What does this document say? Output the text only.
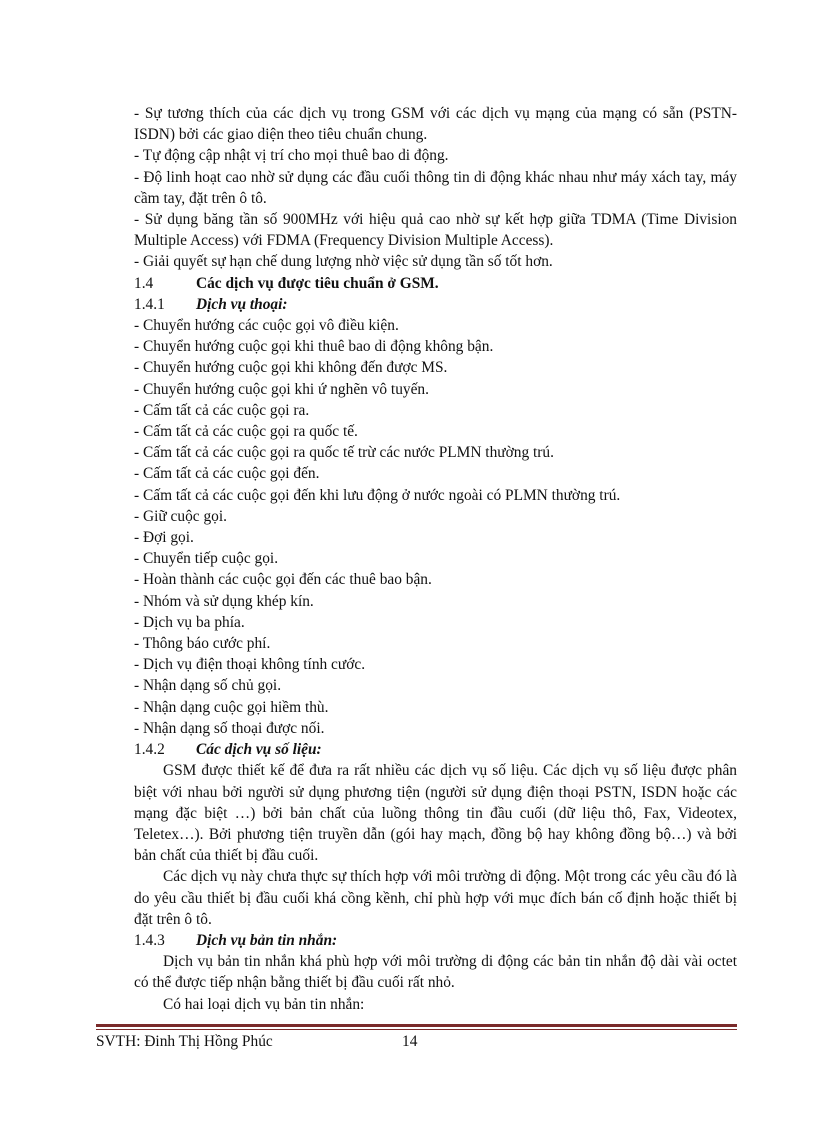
- Sự tương thích của các dịch vụ trong GSM với các dịch vụ mạng của mạng có sẵn (PSTN- ISDN) bởi các giao diện theo tiêu chuẩn chung.

- Tự động cập nhật vị trí cho mọi thuê bao di động.

- Độ linh hoạt cao nhờ sử dụng các đầu cuối thông tin di động khác nhau như máy xách tay, máy cầm tay, đặt trên ô tô.

- Sử dụng băng tần số 900MHz với hiệu quả cao nhờ sự kết hợp giữa TDMA (Time Division Multiple Access) với FDMA (Frequency Division Multiple Access).

- Giải quyết sự hạn chế dung lượng nhờ việc sử dụng tần số tốt hơn.

1.4	Các dịch vụ được tiêu chuẩn ở GSM.
1.4.1	Dịch vụ thoại:

- Chuyển hướng các cuộc gọi vô điều kiện.

- Chuyển hướng cuộc gọi khi thuê bao di động không bận.

- Chuyển hướng cuộc gọi khi không đến được MS.

- Chuyển hướng cuộc gọi khi ứ nghẽn vô tuyến.

- Cấm tất cả các cuộc gọi ra.

- Cấm tất cả các cuộc gọi ra quốc tế.

- Cấm tất cả các cuộc gọi ra quốc tế trừ các nước PLMN thường trú.

- Cấm tất cả các cuộc gọi đến.

- Cấm tất cả các cuộc gọi đến khi lưu động ở nước ngoài có PLMN thường trú.

- Giữ cuộc gọi.

- Đợi gọi.

- Chuyển tiếp cuộc gọi.

- Hoàn thành các cuộc gọi đến các thuê bao bận.

- Nhóm và sử dụng khép kín.

- Dịch vụ ba phía.

- Thông báo cước phí.

- Dịch vụ điện thoại không tính cước.

- Nhận dạng số chủ gọi.

- Nhận dạng cuộc gọi hiềm thù.

- Nhận dạng số thoại được nối.

1.4.2	Các dịch vụ số liệu:

GSM được thiết kế để đưa ra rất nhiều các dịch vụ số liệu. Các dịch vụ số liệu được phân biệt với nhau bởi người sử dụng phương tiện (người sử dụng điện thoại PSTN, ISDN hoặc các mạng đặc biệt …) bởi bản chất của luồng thông tin đầu cuối (dữ liệu thô, Fax, Videotex, Teletex…). Bởi phương tiện truyền dẫn (gói hay mạch, đồng bộ hay không đồng bộ…) và bởi bản chất của thiết bị đầu cuối.

Các dịch vụ này chưa thực sự thích hợp với môi trường di động. Một trong các yêu cầu đó là do yêu cầu thiết bị đầu cuối khá cồng kềnh, chỉ phù hợp với mục đích bán cố định hoặc thiết bị đặt trên ô tô.

1.4.3	Dịch vụ bản tin nhắn:

Dịch vụ bản tin nhắn khá phù hợp với môi trường di động các bản tin nhắn độ dài vài octet có thể được tiếp nhận bằng thiết bị đầu cuối rất nhỏ.

Có hai loại dịch vụ bản tin nhắn:

SVTH: Đinh Thị Hồng Phúc	14
